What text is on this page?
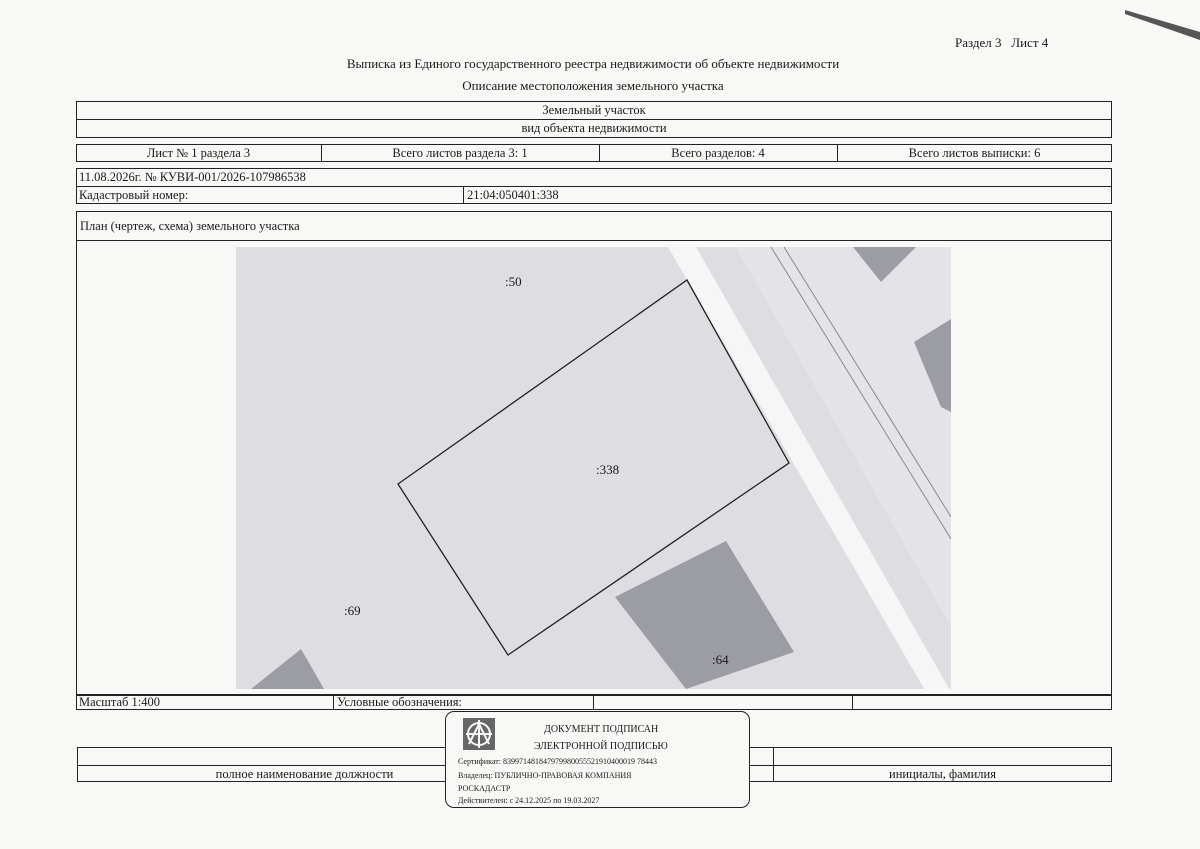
Раздел 3   Лист 4
Выписка из Единого государственного реестра недвижимости об объекте недвижимости
Описание местоположения земельного участка
Земельный участок
вид объекта недвижимости
Лист № 1 раздела 3	Всего листов раздела 3: 1	Всего разделов: 4	Всего листов выписки: 6
11.08.2026г. № КУВИ-001/2026-107986538
Кадастровый номер:	21:04:050401:338
План (чертеж, схема) земельного участка
:50
:338
:69
:64
Масштаб 1:400	Условные обозначения:
полное наименование должности	инициалы, фамилия
ДОКУМЕНТ ПОДПИСАН
ЭЛЕКТРОННОЙ ПОДПИСЬЮ
Сертификат: 839971481847979980055521910400019 78443
Владелец: ПУБЛИЧНО-ПРАВОВАЯ КОМПАНИЯ
РОСКАДАСТР
Действителен: с 24.12.2025 по 19.03.2027
